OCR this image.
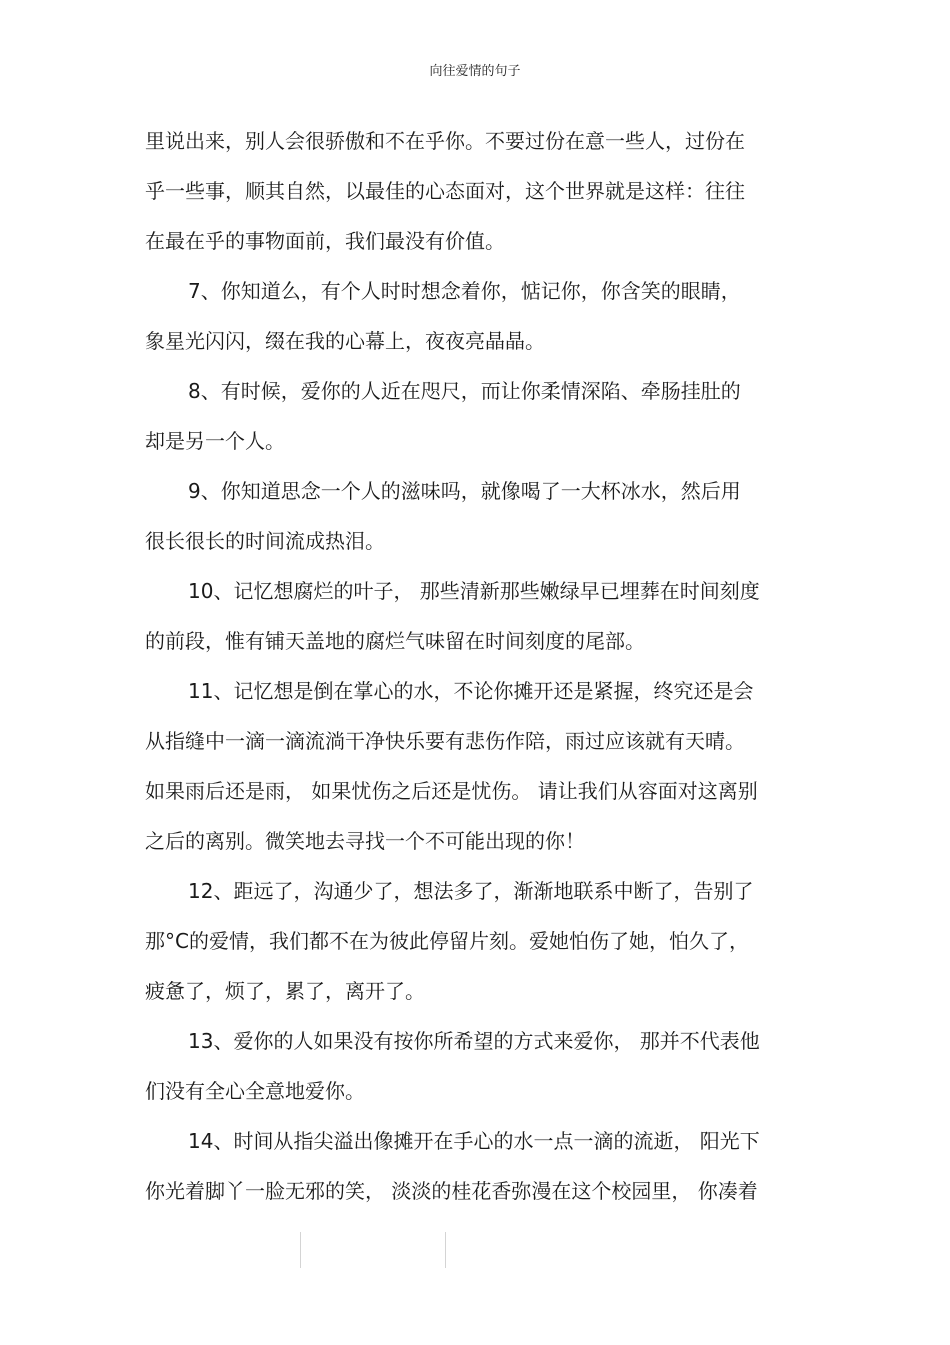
向往爱情的句子
里说出来，别人会很骄傲和不在乎你。不要过份在意一些人，过份在
乎一些事，顺其自然，以最佳的心态面对，这个世界就是这样：往往
在最在乎的事物面前，我们最没有价值。
7、你知道么，有个人时时想念着你，惦记你，你含笑的眼睛，
象星光闪闪，缀在我的心幕上，夜夜亮晶晶。
8、有时候，爱你的人近在咫尺，而让你柔情深陷、牵肠挂肚的
却是另一个人。
9、你知道思念一个人的滋味吗，就像喝了一大杯冰水，然后用
很长很长的时间流成热泪。
10、记忆想腐烂的叶子， 那些清新那些嫩绿早已埋葬在时间刻度
的前段，惟有铺天盖地的腐烂气味留在时间刻度的尾部。
11、记忆想是倒在掌心的水，不论你摊开还是紧握，终究还是会
从指缝中一滴一滴流淌干净快乐要有悲伤作陪，雨过应该就有天晴。
如果雨后还是雨， 如果忧伤之后还是忧伤。 请让我们从容面对这离别
之后的离别。微笑地去寻找一个不可能出现的你！
12、距远了，沟通少了，想法多了，渐渐地联系中断了，告别了
那°C的爱情，我们都不在为彼此停留片刻。爱她怕伤了她，怕久了，
疲惫了，烦了，累了，离开了。
13、爱你的人如果没有按你所希望的方式来爱你， 那并不代表他
们没有全心全意地爱你。
14、时间从指尖溢出像摊开在手心的水一点一滴的流逝， 阳光下
你光着脚丫一脸无邪的笑， 淡淡的桂花香弥漫在这个校园里， 你凑着
